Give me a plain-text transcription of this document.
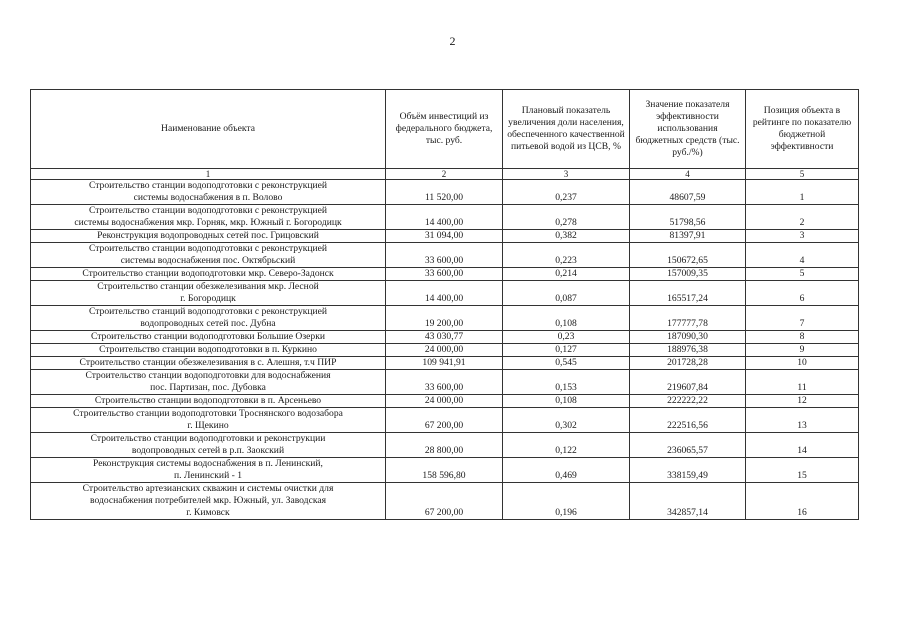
2
Наименование объекта	Объём инвестиций из федерального бюджета, тыс. руб.	Плановый показатель увеличения доли населения, обеспеченного качественной питьевой водой из ЦСВ, %	Значение показателя эффективности использования бюджетных средств (тыс. руб./%)	Позиция объекта в рейтинге по показателю бюджетной эффективности
1	2	3	4	5
Строительство станции водоподготовки с реконструкцией
системы водоснабжения в п. Волово	11 520,00	0,237	48607,59	1
Строительство станции водоподготовки с реконструкцией
системы водоснабжения мкр. Горняк, мкр. Южный г. Богородицк	14 400,00	0,278	51798,56	2
Реконструкция водопроводных сетей пос. Грицовский	31 094,00	0,382	81397,91	3
Строительство станции водоподготовки с реконструкцией
системы водоснабжения пос. Октябрьский	33 600,00	0,223	150672,65	4
Строительство станции водоподготовки мкр. Северо-Задонск	33 600,00	0,214	157009,35	5
Строительство станции обезжелезивания мкр. Лесной
г. Богородицк	14 400,00	0,087	165517,24	6
Строительство станций водоподготовки с реконструкцией
водопроводных сетей пос. Дубна	19 200,00	0,108	177777,78	7
Строительство станции водоподготовки Большие Озерки	43 030,77	0,23	187090,30	8
Строительство станции водоподготовки в п. Куркино	24 000,00	0,127	188976,38	9
Строительство станции обезжелезивания в с. Алешня, т.ч ПИР	109 941,91	0,545	201728,28	10
Строительство станции водоподготовки для водоснабжения
пос. Партизан, пос. Дубовка	33 600,00	0,153	219607,84	11
Строительство станции водоподготовки в п. Арсеньево	24 000,00	0,108	222222,22	12
Строительство станции водоподготовки Троснянского водозабора
г. Щекино	67 200,00	0,302	222516,56	13
Строительство станции водоподготовки и реконструкции
водопроводных сетей в р.п. Заокский	28 800,00	0,122	236065,57	14
Реконструкция системы водоснабжения в п. Ленинский,
п. Ленинский - 1	158 596,80	0,469	338159,49	15
Строительство артезианских скважин и системы очистки для
водоснабжения потребителей мкр. Южный, ул. Заводская
г. Кимовск	67 200,00	0,196	342857,14	16
